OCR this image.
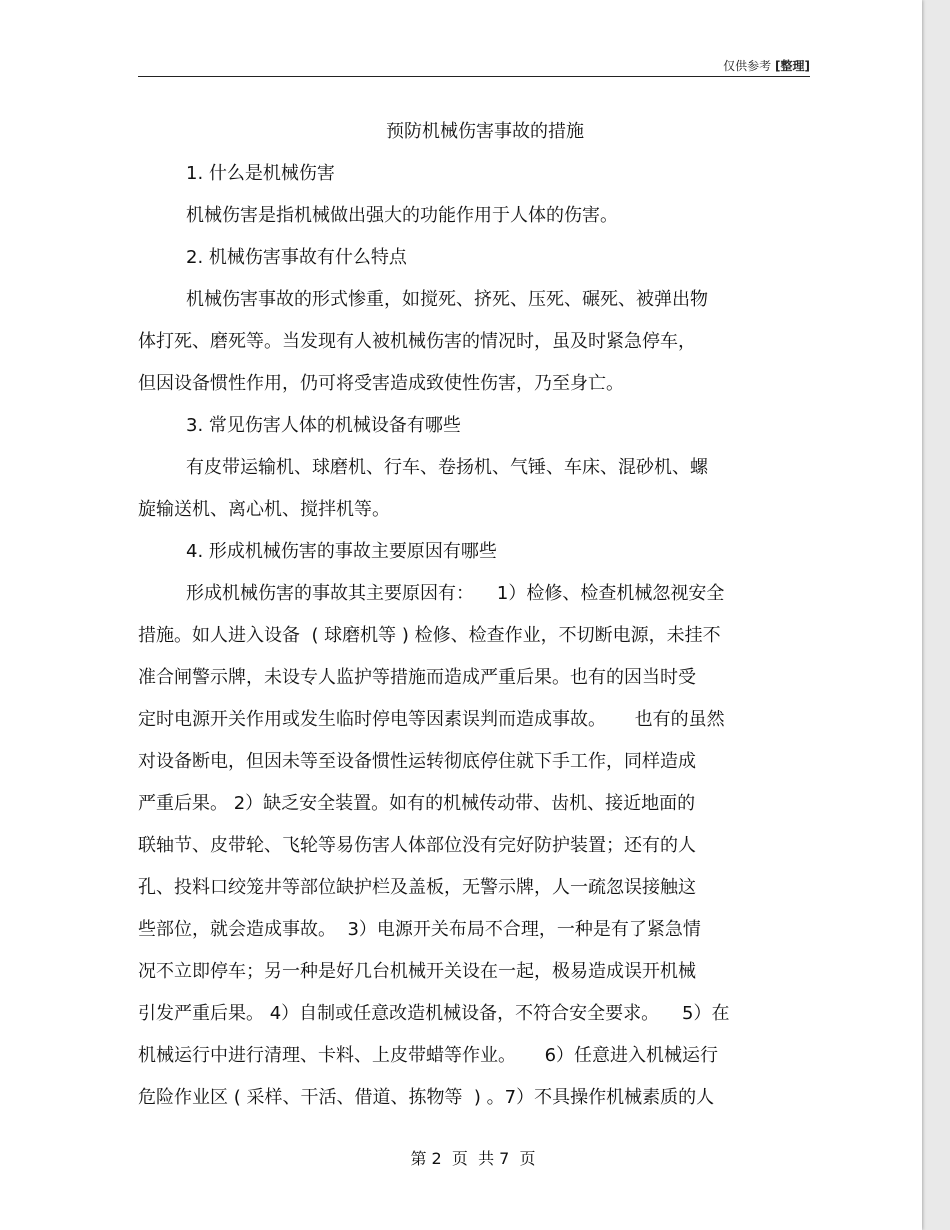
仅供参考 [整理]
预防机械伤害事故的措施
1. 什么是机械伤害
机械伤害是指机械做出强大的功能作用于人体的伤害。
2. 机械伤害事故有什么特点
机械伤害事故的形式惨重，如搅死、挤死、压死、碾死、被弹出物
体打死、磨死等。当发现有人被机械伤害的情况时，虽及时紧急停车，
但因设备惯性作用，仍可将受害造成致使性伤害，乃至身亡。
3. 常见伤害人体的机械设备有哪些
有皮带运输机、球磨机、行车、卷扬机、气锤、车床、混砂机、螺
旋输送机、离心机、搅拌机等。
4. 形成机械伤害的事故主要原因有哪些
形成机械伤害的事故其主要原因有：    1）检修、检查机械忽视安全
措施。如人进入设备  ( 球磨机等 ) 检修、检查作业，不切断电源，未挂不
准合闸警示牌，未设专人监护等措施而造成严重后果。也有的因当时受
定时电源开关作用或发生临时停电等因素误判而造成事故。     也有的虽然
对设备断电，但因未等至设备惯性运转彻底停住就下手工作，同样造成
严重后果。 2）缺乏安全装置。如有的机械传动带、齿机、接近地面的
联轴节、皮带轮、飞轮等易伤害人体部位没有完好防护装置；还有的人
孔、投料口绞笼井等部位缺护栏及盖板，无警示牌，人一疏忽误接触这
些部位，就会造成事故。  3）电源开关布局不合理，一种是有了紧急情
况不立即停车；另一种是好几台机械开关设在一起，极易造成误开机械
引发严重后果。 4）自制或任意改造机械设备，不符合安全要求。    5）在
机械运行中进行清理、卡料、上皮带蜡等作业。     6）任意进入机械运行
危险作业区 ( 采样、干活、借道、拣物等  ) 。7）不具操作机械素质的人
第 2  页  共 7  页
